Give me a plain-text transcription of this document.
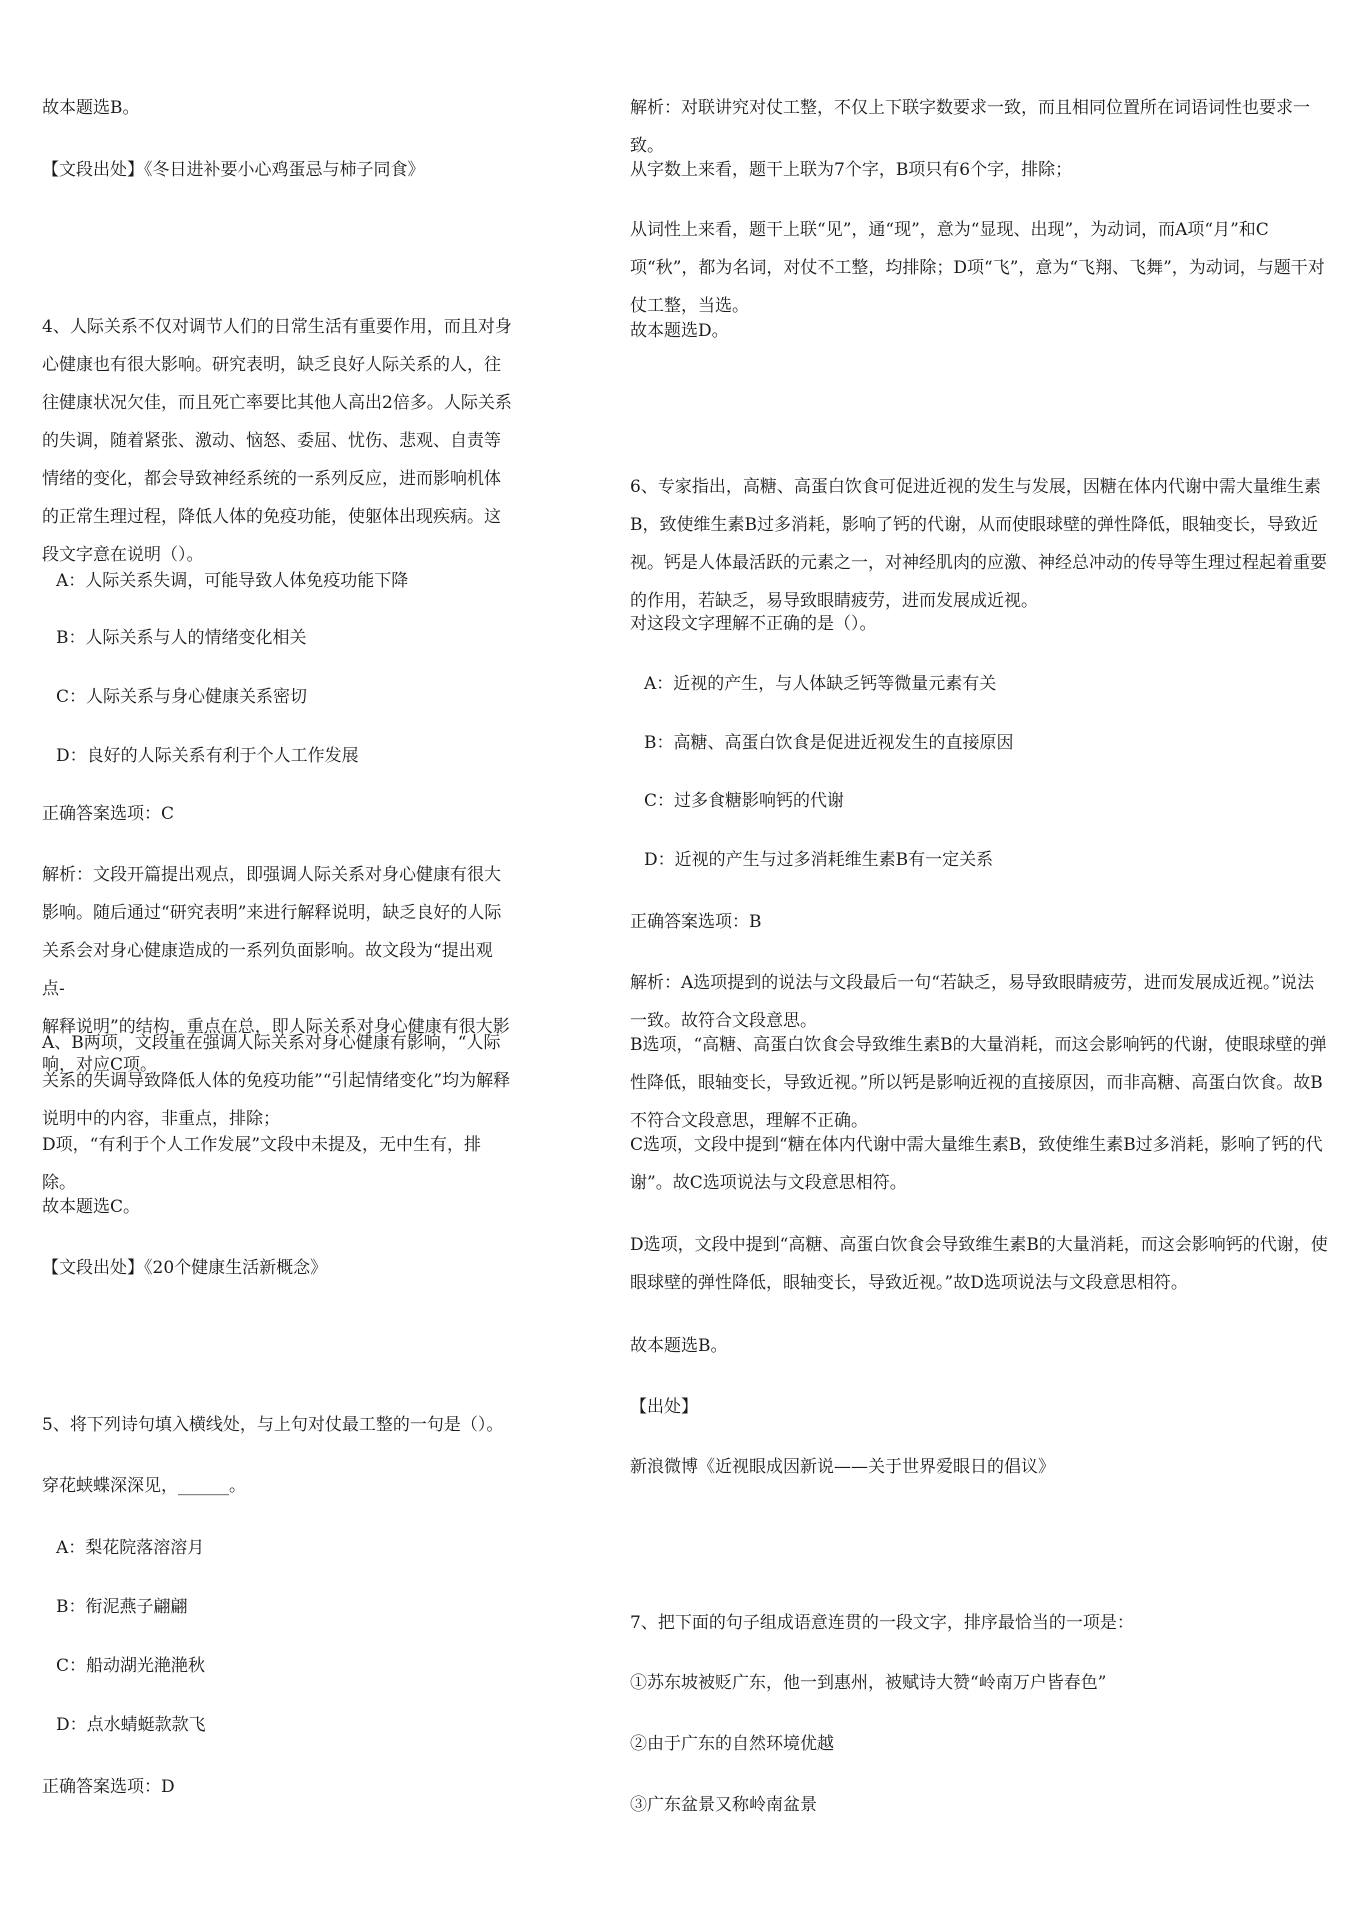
故本题选B。

【文段出处】《冬日进补要小心鸡蛋忌与柿子同食》

4、人际关系不仅对调节人们的日常生活有重要作用，而且对身心健康也有很大影响。研究表明，缺乏良好人际关系的人，往往健康状况欠佳，而且死亡率要比其他人高出2倍多。人际关系的失调，随着紧张、激动、恼怒、委屈、忧伤、悲观、自责等情绪的变化，都会导致神经系统的一系列反应，进而影响机体的正常生理过程，降低人体的免疫功能，使躯体出现疾病。这段文字意在说明（）。

A：人际关系失调，可能导致人体免疫功能下降

B：人际关系与人的情绪变化相关

C：人际关系与身心健康关系密切

D：良好的人际关系有利于个人工作发展

正确答案选项：C

解析：文段开篇提出观点，即强调人际关系对身心健康有很大影响。随后通过“研究表明”来进行解释说明，缺乏良好的人际关系会对身心健康造成的一系列负面影响。故文段为“提出观点-
解释说明”的结构，重点在总，即人际关系对身心健康有很大影响，对应C项。

A、B两项，文段重在强调人际关系对身心健康有影响，“人际关系的失调导致降低人体的免疫功能”“引起情绪变化”均为解释说明中的内容，非重点，排除；

D项，“有利于个人工作发展”文段中未提及，无中生有，排除。

故本题选C。

【文段出处】《20个健康生活新概念》

5、将下列诗句填入横线处，与上句对仗最工整的一句是（）。

穿花蛱蝶深深见，______。

A：梨花院落溶溶月

B：衔泥燕子翩翩

C：船动湖光滟滟秋

D：点水蜻蜓款款飞

正确答案选项：D

解析：对联讲究对仗工整，不仅上下联字数要求一致，而且相同位置所在词语词性也要求一致。

从字数上来看，题干上联为7个字，B项只有6个字，排除；

从词性上来看，题干上联“见”，通“现”，意为“显现、出现”，为动词，而A项“月”和C项“秋”，都为名词，对仗不工整，均排除；D项“飞”，意为“飞翔、飞舞”，为动词，与题干对仗工整，当选。

故本题选D。

6、专家指出，高糖、高蛋白饮食可促进近视的发生与发展，因糖在体内代谢中需大量维生素B，致使维生素B过多消耗，影响了钙的代谢，从而使眼球壁的弹性降低，眼轴变长，导致近视。钙是人体最活跃的元素之一，对神经肌肉的应激、神经总冲动的传导等生理过程起着重要的作用，若缺乏，易导致眼睛疲劳，进而发展成近视。

对这段文字理解不正确的是（）。

A：近视的产生，与人体缺乏钙等微量元素有关

B：高糖、高蛋白饮食是促进近视发生的直接原因

C：过多食糖影响钙的代谢

D：近视的产生与过多消耗维生素B有一定关系

正确答案选项：B

解析：A选项提到的说法与文段最后一句“若缺乏，易导致眼睛疲劳，进而发展成近视。”说法一致。故符合文段意思。

B选项，“高糖、高蛋白饮食会导致维生素B的大量消耗，而这会影响钙的代谢，使眼球壁的弹性降低，眼轴变长，导致近视。”所以钙是影响近视的直接原因，而非高糖、高蛋白饮食。故B不符合文段意思，理解不正确。

C选项，文段中提到“糖在体内代谢中需大量维生素B，致使维生素B过多消耗，影响了钙的代谢”。故C选项说法与文段意思相符。

D选项，文段中提到“高糖、高蛋白饮食会导致维生素B的大量消耗，而这会影响钙的代谢，使眼球壁的弹性降低，眼轴变长，导致近视。”故D选项说法与文段意思相符。

故本题选B。

【出处】

新浪微博《近视眼成因新说——关于世界爱眼日的倡议》

7、把下面的句子组成语意连贯的一段文字，排序最恰当的一项是：

①苏东坡被贬广东，他一到惠州，被赋诗大赞“岭南万户皆春色”

②由于广东的自然环境优越

③广东盆景又称岭南盆景
